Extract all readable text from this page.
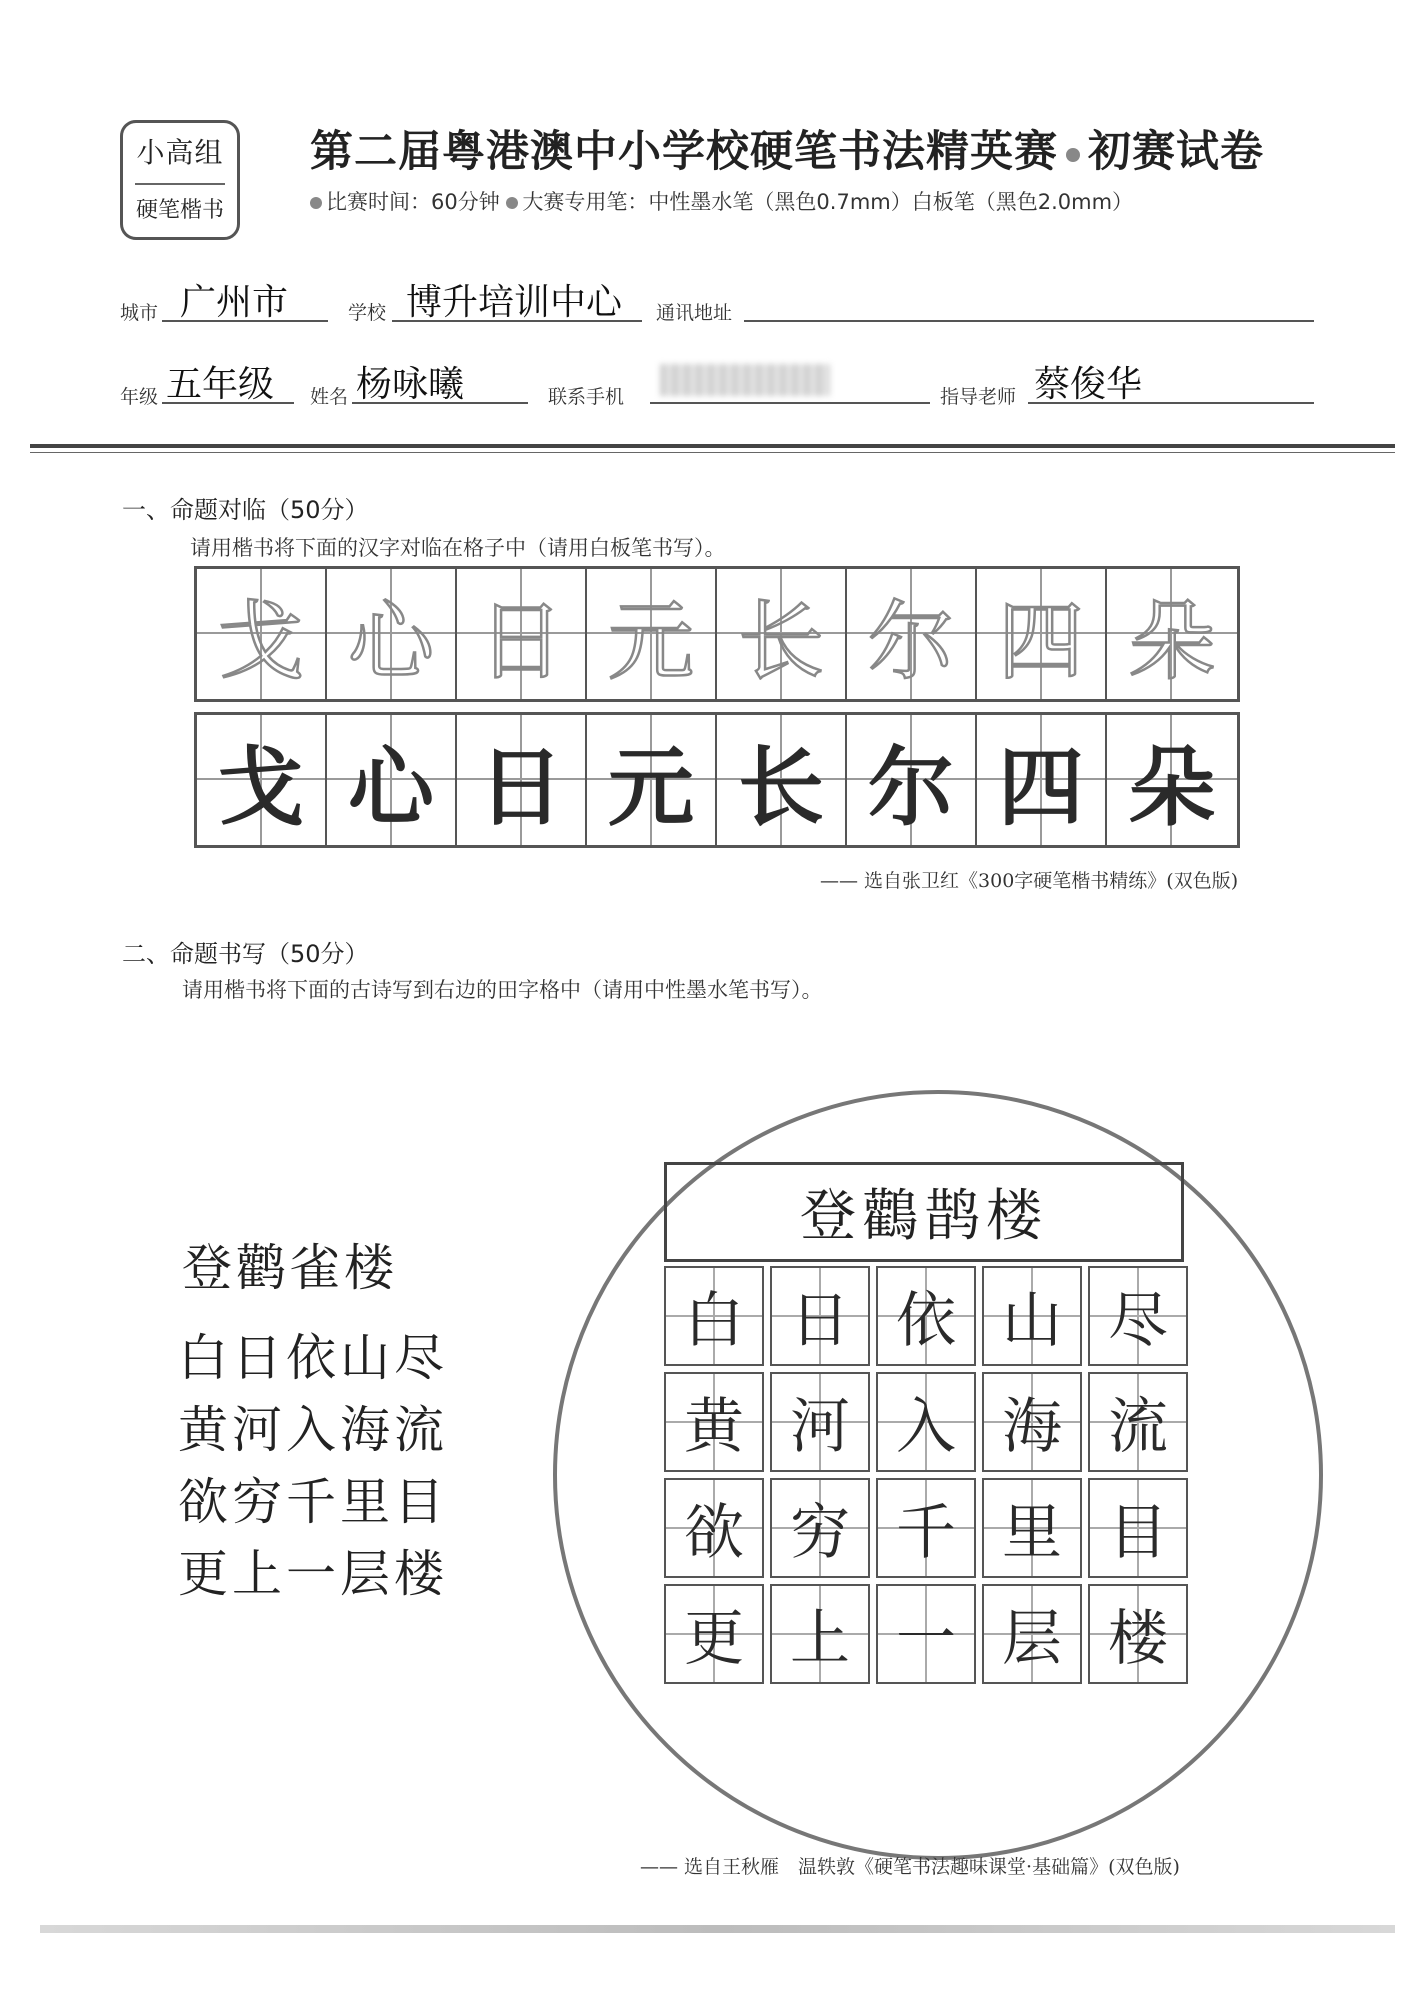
小高组
硬笔楷书
第二届粤港澳中小学校硬笔书法精英赛 初赛试卷
比赛时间：60分钟 大赛专用笔：中性墨水笔（黑色0.7mm）白板笔（黑色2.0mm）
城市 广州市	学校 博升培训中心 通讯地址
年级 五年级 姓名 杨咏曦	联系手机	指导老师 蔡俊华
一、命题对临（50分）
请用楷书将下面的汉字对临在格子中（请用白板笔书写）。
戈 心 日 元 长 尔 四 朵
戈 心 日 元 长 尔 四 朵
—— 选自张卫红《300字硬笔楷书精练》(双色版)
二、命题书写（50分）
请用楷书将下面的古诗写到右边的田字格中（请用中性墨水笔书写）。
登鹳雀楼
白日依山尽
黄河入海流
欲穷千里目
更上一层楼
登鸛鹊楼
白 日 依 山 尽
黄 河 入 海 流
欲 穷 千 里 目
更 上 一 层 楼
—— 选自王秋雁　温轶敦《硬笔书法趣味课堂·基础篇》(双色版)
